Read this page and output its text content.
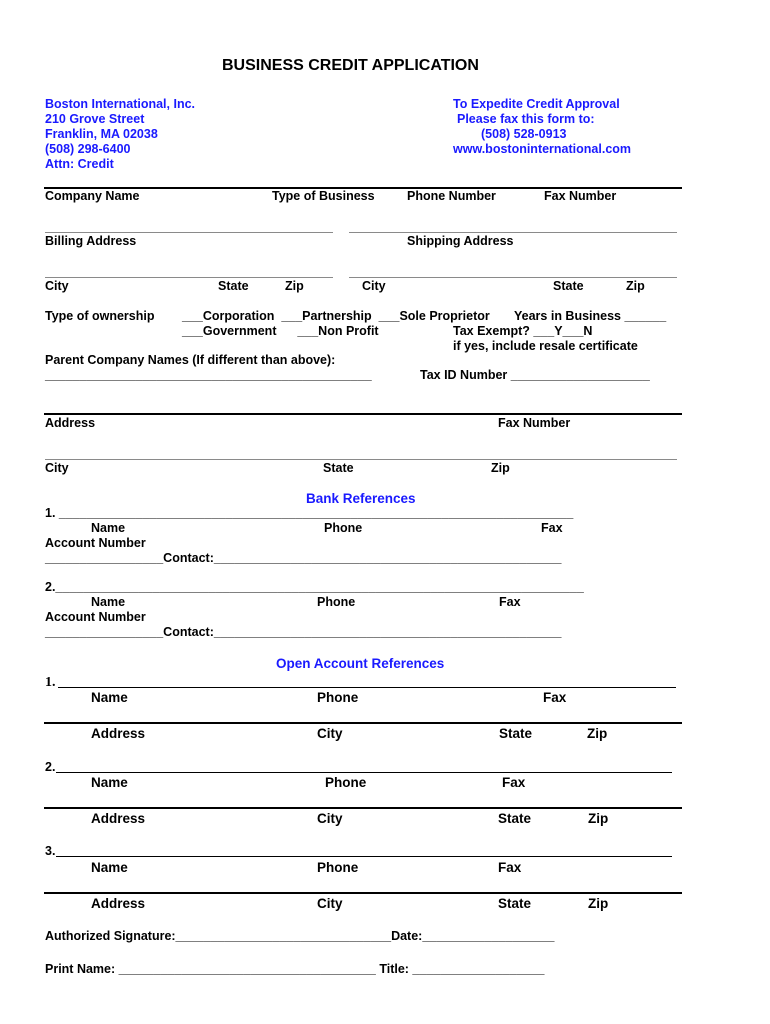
BUSINESS CREDIT APPLICATION
Boston International, Inc.
210 Grove Street
Franklin, MA 02038
(508) 298-6400
Attn: Credit
To Expedite Credit Approval
Please fax this form to:
(508) 528-0913
www.bostoninternational.com
Company Name	Type of Business	Phone Number	Fax Number
Billing Address	Shipping Address
City	State	Zip	City	State	Zip
Type of ownership ___Corporation  ___Partnership  ___Sole Proprietor Years in Business ______
___Government      ___Non Profit	Tax Exempt? ___Y___N
if yes, include resale certificate
Parent Company Names (If different than above):
_______________________________________________	Tax ID Number ____________________
Address	Fax Number
City	State	Zip
Bank References
1. __________________________________________________________________________
Name	Phone	Fax
Account Number
_________________Contact:__________________________________________________
2.____________________________________________________________________________
Name	Phone	Fax
Account Number
_________________Contact:__________________________________________________
Open Account References
1.
Name	Phone	Fax
Address	City	State	Zip
2.
Name	Phone	Fax
Address	City	State	Zip
3.
Name	Phone	Fax
Address	City	State	Zip
Authorized Signature:_______________________________Date:___________________
Print Name: _____________________________________ Title: ___________________
